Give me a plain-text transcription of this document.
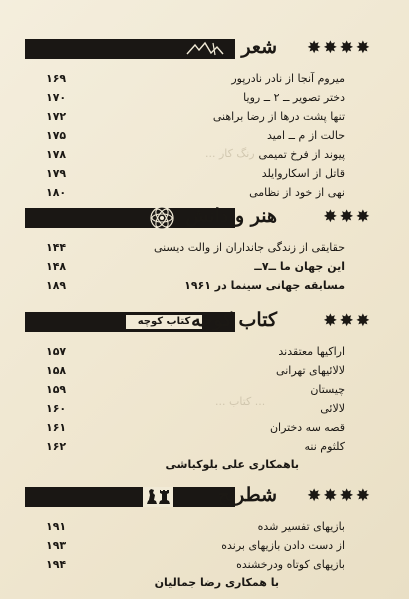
... رنگ کار ...
... کتاب ...
شعر ✸✸✸✸
۱۶۹	میروم آنجا از نادر نادرپور
۱۷۰	دختر تصویر ــ ۲ ــ رویا
۱۷۲	تنها پشت درها از رضا براهنی
۱۷۵	حالت از م ــ امید
۱۷۸	پیوند از فرخ تمیمی
۱۷۹	قاتل از اسکاروایلد
۱۸۰	نهی از خود از نظامی
هنر و دانش	✸✸✸
۱۴۴	حقایقی از زندگی جانداران از والت دیسنی
۱۴۸	این جهان ما ــ۷ــ
۱۸۹	مسابقه جهانی سینما در ۱۹۶۱
کتاب کوچه کتاب کوچه	✸✸✸
۱۵۷	اراکیها معتقدند
۱۵۸	لالائیهای تهرانی
۱۵۹	چیستان
۱۶۰	لالائی
۱۶۱	قصه سه دختران
۱۶۲	کلثوم ننه
باهمکاری علی بلوکباشی
شطرنج ✸✸✸✸
۱۹۱	بازیهای تفسیر شده
۱۹۳	از دست دادن بازیهای برنده
۱۹۴	بازیهای کوتاه ودرخشنده
با همکاری رضا جمالیان
